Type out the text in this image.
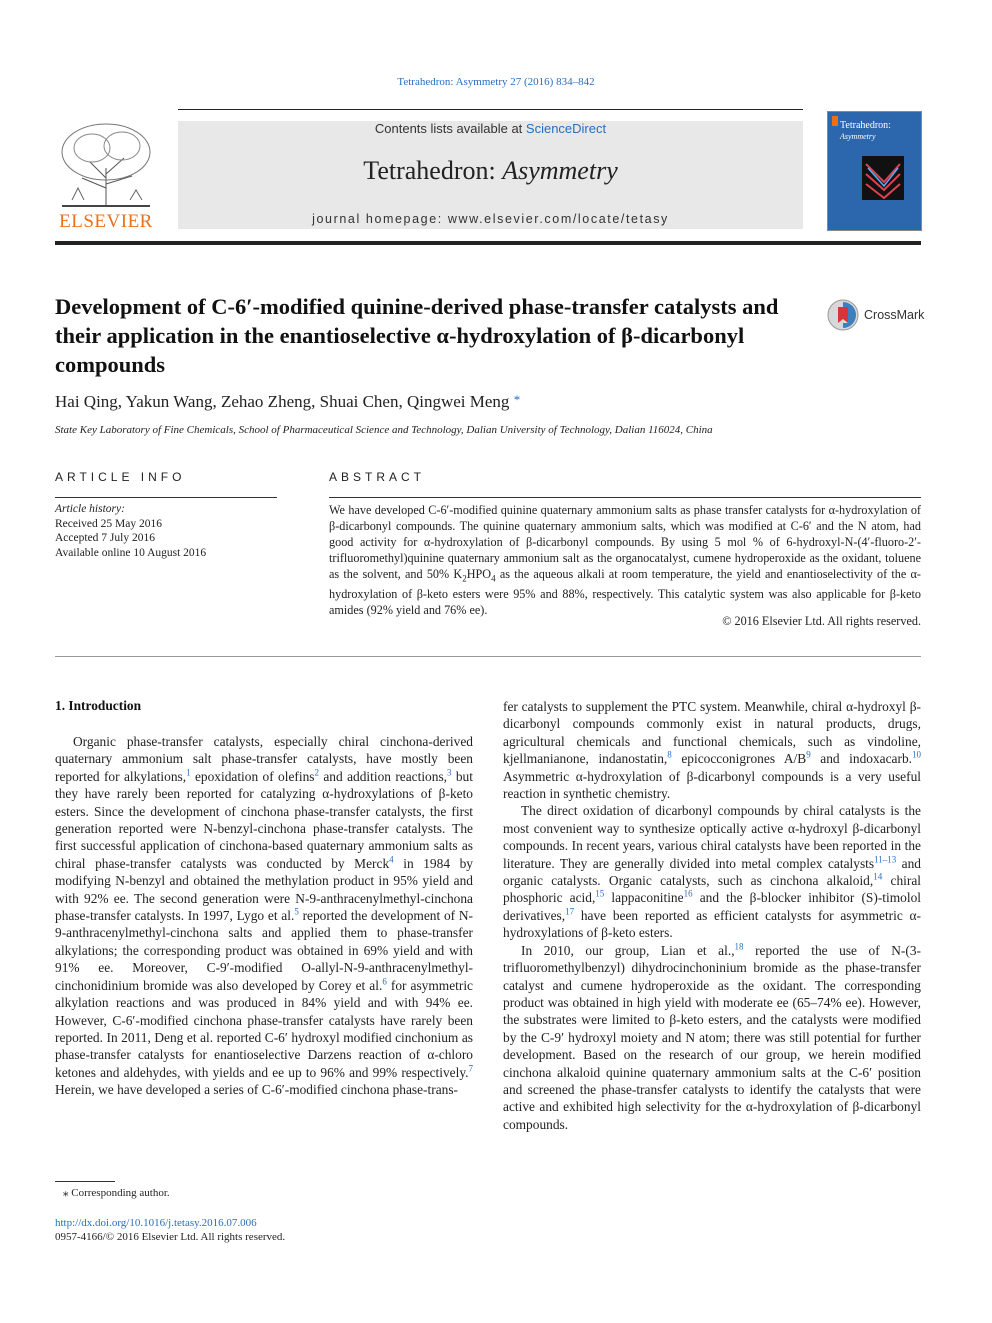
Tetrahedron: Asymmetry 27 (2016) 834–842
ELSEVIER
Contents lists available at ScienceDirect
Tetrahedron: Asymmetry
journal homepage: www.elsevier.com/locate/tetasy
Tetrahedron:
Asymmetry
Development of C-6′-modified quinine-derived phase-transfer catalysts and their application in the enantioselective α-hydroxylation of β-dicarbonyl compounds
CrossMark
Hai Qing, Yakun Wang, Zehao Zheng, Shuai Chen, Qingwei Meng *
State Key Laboratory of Fine Chemicals, School of Pharmaceutical Science and Technology, Dalian University of Technology, Dalian 116024, China
ARTICLE INFO	ABSTRACT
Article history:
Received 25 May 2016
Accepted 7 July 2016
Available online 10 August 2016
We have developed C-6′-modified quinine quaternary ammonium salts as phase transfer catalysts for α-hydroxylation of β-dicarbonyl compounds. The quinine quaternary ammonium salts, which was modified at C-6′ and the N atom, had good activity for α-hydroxylation of β-dicarbonyl compounds. By using 5 mol % of 6-hydroxyl-N-(4′-fluoro-2′-trifluoromethyl)quinine quaternary ammonium salt as the organocatalyst, cumene hydroperoxide as the oxidant, toluene as the solvent, and 50% $K_2HPO_4$ as the aqueous alkali at room temperature, the yield and enantioselectivity of the α-hydroxylation of β-keto esters were 95% and 88%, respectively. This catalytic system was also applicable for β-keto amides (92% yield and 76% ee).
© 2016 Elsevier Ltd. All rights reserved.
1. Introduction

Organic phase-transfer catalysts, especially chiral cinchona-derived quaternary ammonium salt phase-transfer catalysts, have mostly been reported for alkylations,$^1$ epoxidation of olefins$^2$ and addition reactions,$^3$ but they have rarely been reported for catalyzing α-hydroxylations of β-keto esters. Since the development of cinchona phase-transfer catalysts, the first generation reported were N-benzyl-cinchona phase-transfer catalysts. The first successful application of cinchona-based quaternary ammonium salts as chiral phase-transfer catalysts was conducted by Merck$^4$ in 1984 by modifying N-benzyl and obtained the methylation product in 95% yield and with 92% ee. The second generation were N-9-anthracenylmethyl-cinchona phase-transfer catalysts. In 1997, Lygo et al.$^5$ reported the development of N-9-anthracenylmethyl-cinchona salts and applied them to phase-transfer alkylations; the corresponding product was obtained in 69% yield and with 91% ee. Moreover, C-9′-modified O-allyl-N-9-anthracenylmethyl-cinchonidinium bromide was also developed by Corey et al.$^6$ for asymmetric alkylation reactions and was produced in 84% yield and with 94% ee. However, C-6′-modified cinchona phase-transfer catalysts have rarely been reported. In 2011, Deng et al. reported C-6′ hydroxyl modified cinchonium as phase-transfer catalysts for enantioselective Darzens reaction of α-chloro ketones and aldehydes, with yields and ee up to 96% and 99% respectively.$^7$ Herein, we have developed a series of C-6′-modified cinchona phase-trans-

fer catalysts to supplement the PTC system. Meanwhile, chiral α-hydroxyl β-dicarbonyl compounds commonly exist in natural products, drugs, agricultural chemicals and functional chemicals, such as vindoline, kjellmanianone, indanostatin,$^8$ epicocconigrones $A/B^9$ and indoxacarb.$^{10}$ Asymmetric α-hydroxylation of β-dicarbonyl compounds is a very useful reaction in synthetic chemistry.

The direct oxidation of dicarbonyl compounds by chiral catalysts is the most convenient way to synthesize optically active α-hydroxyl β-dicarbonyl compounds. In recent years, various chiral catalysts have been reported in the literature. They are generally divided into metal complex catalysts$^{11-13}$ and organic catalysts. Organic catalysts, such as cinchona alkaloid,$^{14}$ chiral phosphoric acid,$^{15}$ lappaconitine$^{16}$ and the β-blocker inhibitor (S)-timolol derivatives,$^{17}$ have been reported as efficient catalysts for asymmetric α-hydroxylations of β-keto esters.

In 2010, our group, Lian et al.,$^{18}$ reported the use of N-(3-trifluoromethylbenzyl) dihydrocinchoninium bromide as the phase-transfer catalyst and cumene hydroperoxide as the oxidant. The corresponding product was obtained in high yield with moderate ee (65–74% ee). However, the substrates were limited to β-keto esters, and the catalysts were modified by the C-9′ hydroxyl moiety and N atom; there was still potential for further development. Based on the research of our group, we herein modified cinchona alkaloid quinine quaternary ammonium salts at the C-6′ position and screened the phase-transfer catalysts to identify the catalysts that were active and exhibited high selectivity for the α-hydroxylation of β-dicarbonyl compounds.

⁎ Corresponding author.
http://dx.doi.org/10.1016/j.tetasy.2016.07.006
0957-4166/© 2016 Elsevier Ltd. All rights reserved.
